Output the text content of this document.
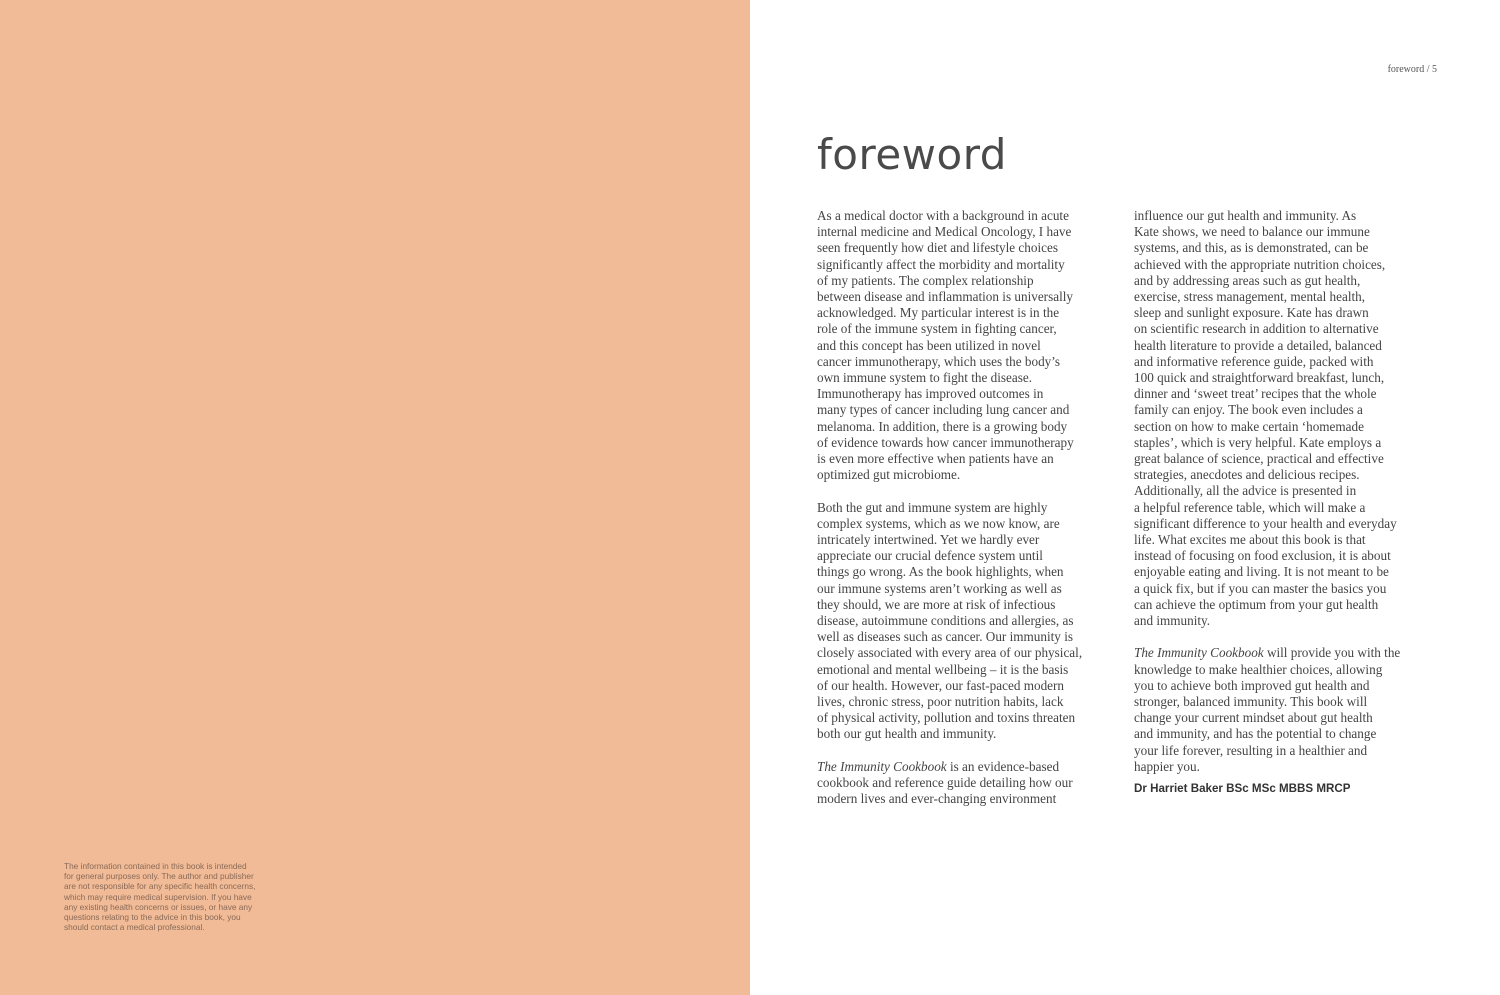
The information contained in this book is intended
for general purposes only. The author and publisher
are not responsible for any specific health concerns,
which may require medical supervision. If you have
any existing health concerns or issues, or have any
questions relating to the advice in this book, you
should contact a medical professional.
foreword / 5
foreword

As a medical doctor with a background in acute
internal medicine and Medical Oncology, I have
seen frequently how diet and lifestyle choices
significantly affect the morbidity and mortality
of my patients. The complex relationship
between disease and inflammation is universally
acknowledged. My particular interest is in the
role of the immune system in fighting cancer,
and this concept has been utilized in novel
cancer immunotherapy, which uses the body’s
own immune system to fight the disease.
Immunotherapy has improved outcomes in
many types of cancer including lung cancer and
melanoma. In addition, there is a growing body
of evidence towards how cancer immunotherapy
is even more effective when patients have an
optimized gut microbiome.

Both the gut and immune system are highly
complex systems, which as we now know, are
intricately intertwined. Yet we hardly ever
appreciate our crucial defence system until
things go wrong. As the book highlights, when
our immune systems aren’t working as well as
they should, we are more at risk of infectious
disease, autoimmune conditions and allergies, as
well as diseases such as cancer. Our immunity is
closely associated with every area of our physical,
emotional and mental wellbeing – it is the basis
of our health. However, our fast-paced modern
lives, chronic stress, poor nutrition habits, lack
of physical activity, pollution and toxins threaten
both our gut health and immunity.

The Immunity Cookbook is an evidence-based
cookbook and reference guide detailing how our
modern lives and ever-changing environment

influence our gut health and immunity. As
Kate shows, we need to balance our immune
systems, and this, as is demonstrated, can be
achieved with the appropriate nutrition choices,
and by addressing areas such as gut health,
exercise, stress management, mental health,
sleep and sunlight exposure. Kate has drawn
on scientific research in addition to alternative
health literature to provide a detailed, balanced
and informative reference guide, packed with
100 quick and straightforward breakfast, lunch,
dinner and ‘sweet treat’ recipes that the whole
family can enjoy. The book even includes a
section on how to make certain ‘homemade
staples’, which is very helpful. Kate employs a
great balance of science, practical and effective
strategies, anecdotes and delicious recipes.
Additionally, all the advice is presented in
a helpful reference table, which will make a
significant difference to your health and everyday
life. What excites me about this book is that
instead of focusing on food exclusion, it is about
enjoyable eating and living. It is not meant to be
a quick fix, but if you can master the basics you
can achieve the optimum from your gut health
and immunity.

The Immunity Cookbook will provide you with the
knowledge to make healthier choices, allowing
you to achieve both improved gut health and
stronger, balanced immunity. This book will
change your current mindset about gut health
and immunity, and has the potential to change
your life forever, resulting in a healthier and
happier you.

Dr Harriet Baker BSc MSc MBBS MRCP
